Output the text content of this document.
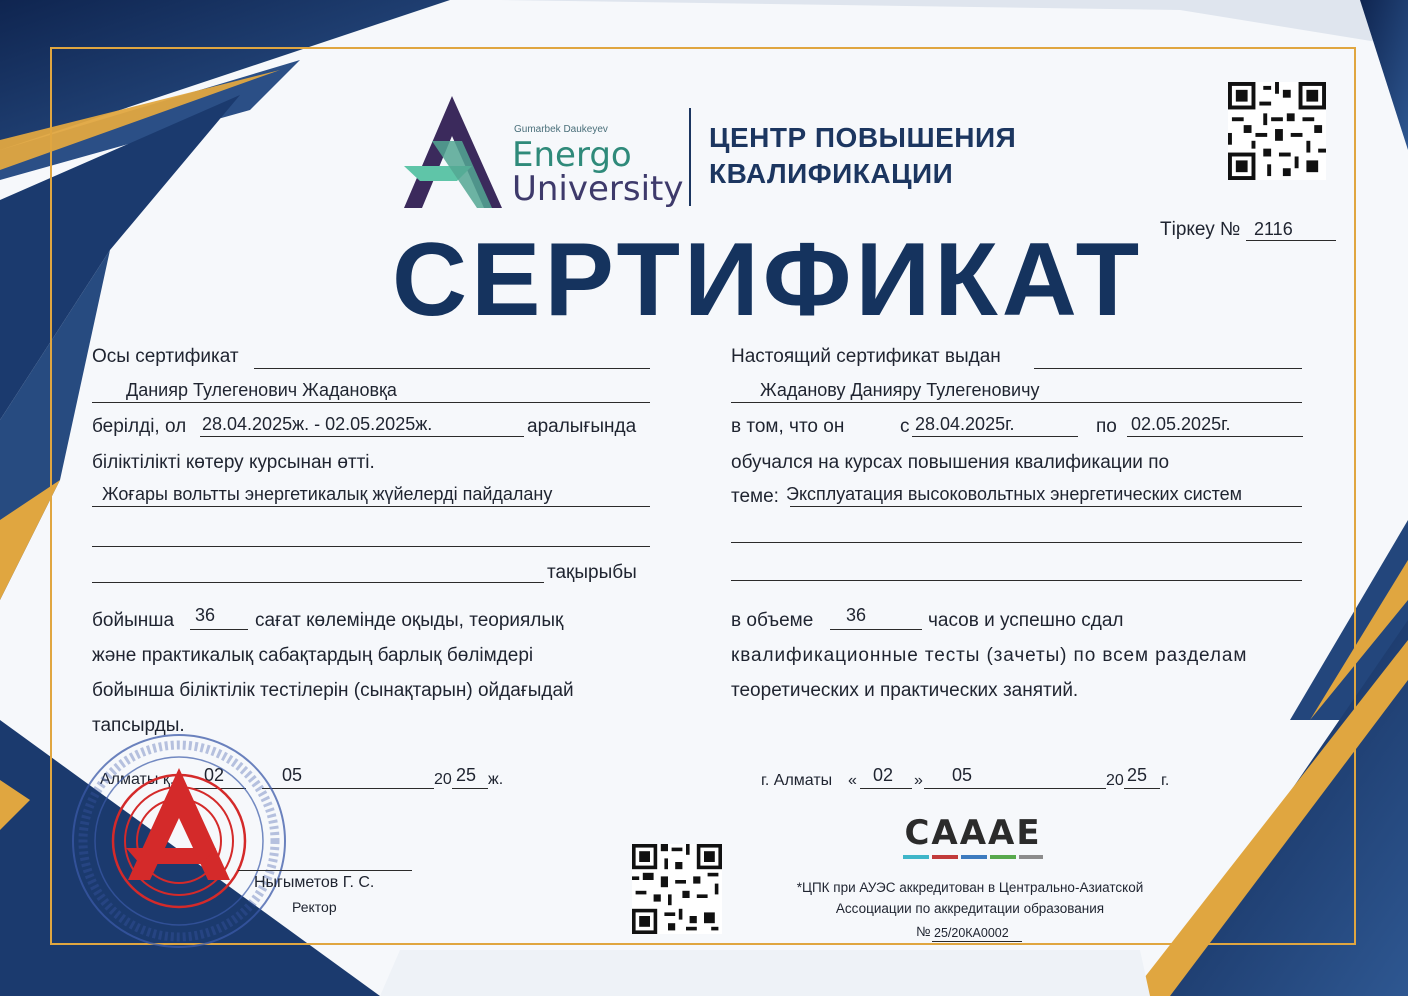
Gumarbek Daukeyev
Energo
University
ЦЕНТР ПОВЫШЕНИЯ
КВАЛИФИКАЦИИ
Тіркеу № 2116
СЕРТИФИКАТ
Осы сертификат
Данияр Тулегенович Жадановқа
берілді, ол 28.04.2025ж. - 02.05.2025ж.	аралығында
біліктілікті көтеру курсынан өтті.
Жоғары вольтты энергетикалық жүйелерді пайдалану
тақырыбы
бойынша 36 сағат көлемінде оқыды, теориялық
және практикалық сабақтардың барлық бөлімдері
бойынша біліктілік тестілерін (сынақтарын) ойдағыдай
тапсырды.
Алматы қ. 02	05	20 25 ж.
Ныгыметов Г. С.
Ректор
Настоящий сертификат выдан
Жаданову Данияру Тулегеновичу
в том, что он	с 28.04.2025г.	по 02.05.2025г.
обучался на курсах повышения квалификации по
теме: Эксплуатация высоковольтных энергетических систем
в объеме 36	часов и успешно сдал
квалификационные тесты (зачеты) по всем разделам
теоретических и практических занятий.
г. Алматы « 02 » 05	20 25 г.
CAAAE
*ЦПК при АУЭС аккредитован в Центрально-Азиатской
Ассоциации по аккредитации образования
№ 25/20КА0002
